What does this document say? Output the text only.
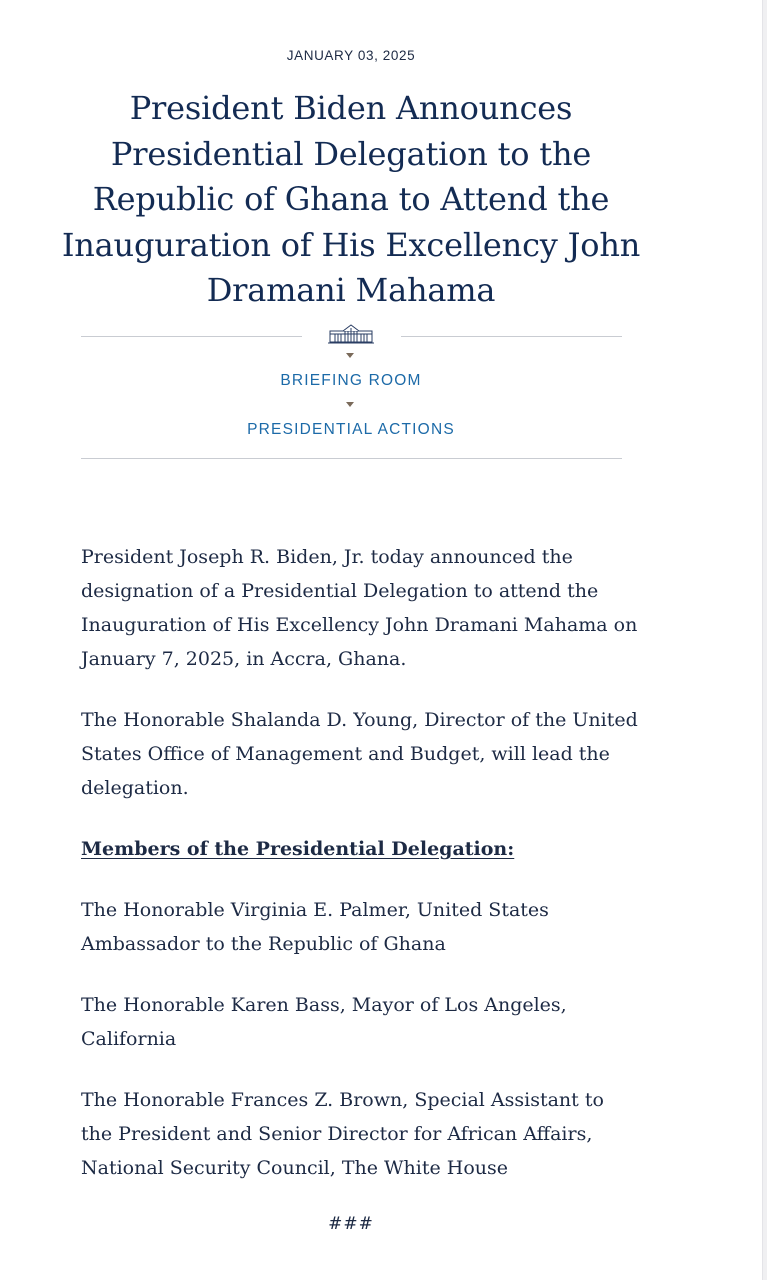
JANUARY 03, 2025
President Biden Announces Presidential Delegation to the Republic of Ghana to Attend the Inauguration of His Excellency John Dramani Mahama
BRIEFING ROOM
PRESIDENTIAL ACTIONS

President Joseph R. Biden, Jr. today announced the designation of a Presidential Delegation to attend the Inauguration of His Excellency John Dramani Mahama on January 7, 2025, in Accra, Ghana.

The Honorable Shalanda D. Young, Director of the United States Office of Management and Budget, will lead the delegation.

Members of the Presidential Delegation:

The Honorable Virginia E. Palmer, United States Ambassador to the Republic of Ghana

The Honorable Karen Bass, Mayor of Los Angeles, California

The Honorable Frances Z. Brown, Special Assistant to the President and Senior Director for African Affairs, National Security Council, The White House

###
